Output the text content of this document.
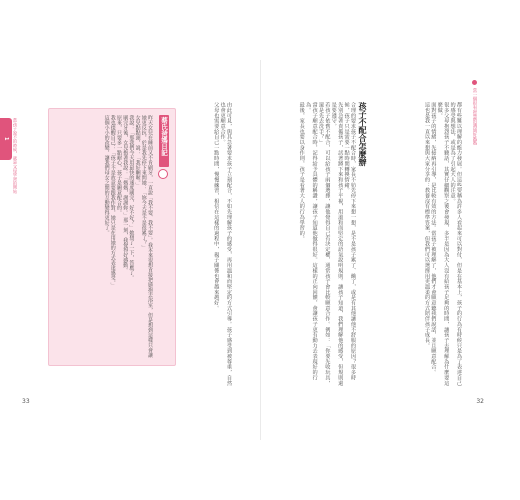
當一個很有智慧的溝通好媽媽
都有些難以理解的能力發展。但這些要稱為許多人看起來可以對付，但是在基本上，孩子的行為有時候只是為了表達自己的感受與想法，或是為了引起大人的注意。
很多父母抱怨孩子不聽話，其實仔細觀察之後會發現，多半是因為大人沒有給孩子足夠的時間，讓孩子去理解為什麼要這麼做。
面對孩子的情緒，先接納再引導，是比較有效的方法。當孩子被理解了，他們才會願意聽我們說話，並且願意配合。
這也是我一直以來想與大家分享的：教養沒有標準答案，但我們可以選擇用更溫柔的方式陪伴孩子成長。
孩子不配合怎麼辦
合理的要求孩子不配合時，家長不妨先停下來想一想，是不是孩子累了、餓了，或是有其他讓他不舒服的原因？很多時候，孩子只是需要一點時間轉換情緒。
先別急著責備孩子，試著蹲下來和孩子平視，用溫和而堅定的語氣說明規則。讓孩子知道，我們理解他的感受，但規則還是要遵守。
若孩子依舊不配合，可以給孩子兩個選擇，讓他覺得自己有決定權，通常孩子會比較願意合作。例如：「你要先收玩具，還是先去洗手？」
當孩子願意配合時，記得給予具體的稱讚，讓孩子知道他做得很好。這樣的正向回饋，會讓孩子更有動力去表現好的行為。
最後，家長也要以身作則，孩子是看著大人的行為學習的。
32
1 當孩子說不的時候，就是父母學習的開始	由此可見，與其急著要求孩子立刻配合，不如先理解孩子的感受，再用溫和而堅定的方式引導。孩子感受到被尊重，自然也會更願意合作。
父母也需要給自己一點時間，慢慢練習，相信在這樣的過程中，親子關係也會越來越好。
蔡氏爸媽日記
昨天女兒在睡前又不肯刷牙，一直說「我不要、我不要」。我本來很想直接把她抱去浴室，但是想到這樣只會讓她更反抗，於是我先停下來問她：「妳今天是不是很累了？」
女兒點點頭，說：「我好睏喔。」
我說：「那我們今天用最快的速度刷完，好不好？」她想了一下，答應了。
刷完牙後，女兒抱著我說：「媽媽，謝謝妳。」那一刻，我覺得好感動。
原來，只要多一點耐心，孩子是願意配合的。
我也提醒自己：「孩子不是故意要跟我作對，她只是在用她的方式表達感受。」
這個小小的改變，讓我們母女之間的互動變得更好了。
33
